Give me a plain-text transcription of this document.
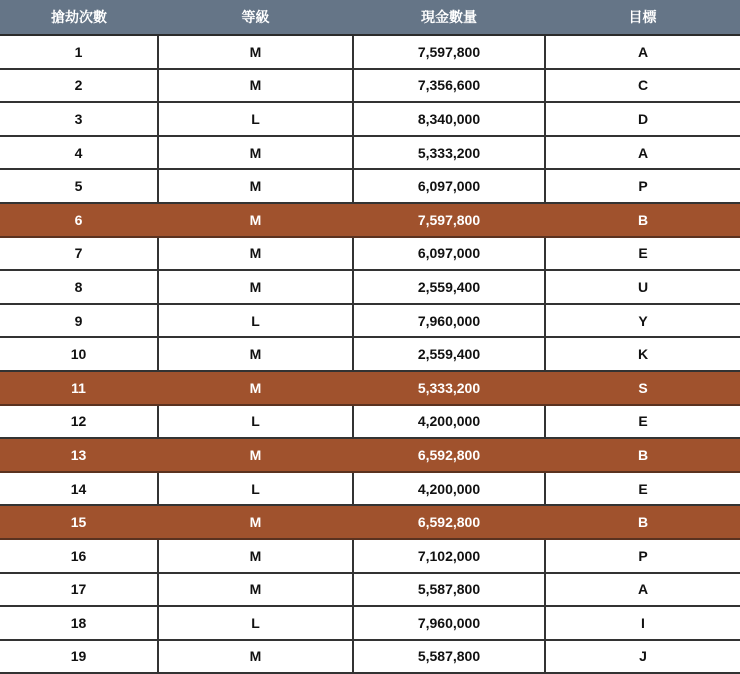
搶劫次數	等級	現金數量	目標
1	M	7,597,800	A
2	M	7,356,600	C
3	L	8,340,000	D
4	M	5,333,200	A
5	M	6,097,000	P
6	M	7,597,800	B
7	M	6,097,000	E
8	M	2,559,400	U
9	L	7,960,000	Y
10	M	2,559,400	K
11	M	5,333,200	S
12	L	4,200,000	E
13	M	6,592,800	B
14	L	4,200,000	E
15	M	6,592,800	B
16	M	7,102,000	P
17	M	5,587,800	A
18	L	7,960,000	I
19	M	5,587,800	J
